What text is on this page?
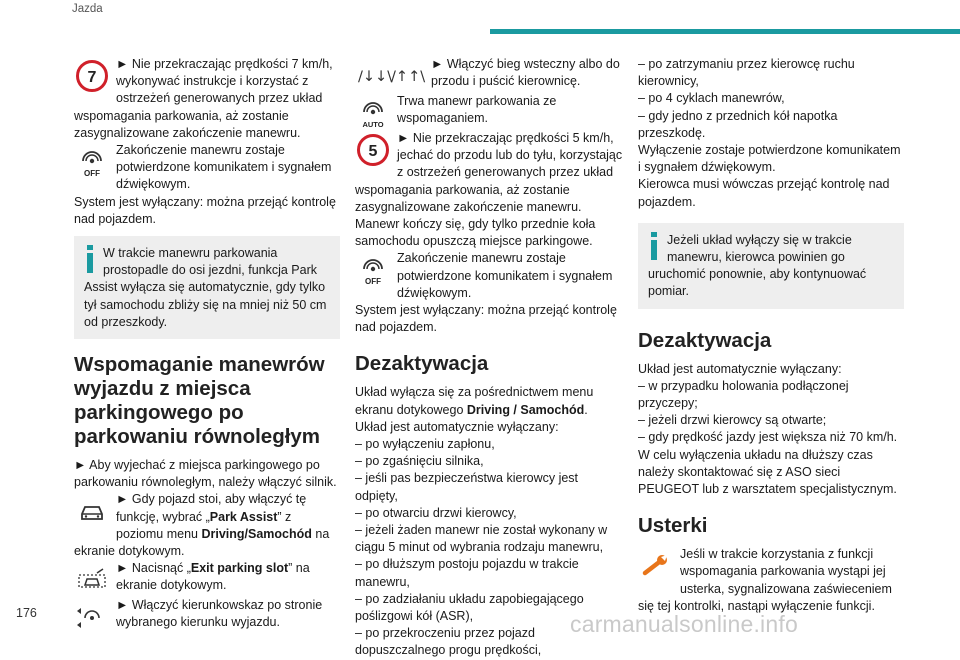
Jazda

7
► Nie przekraczając prędkości 7 km/h, wykonywać instrukcje i korzystać z ostrzeżeń generowanych przez układ wspomagania parkowania, aż zostanie zasygnalizowane zakończenie manewru.

OFF
Zakończenie manewru zostaje potwierdzone komunikatem i sygnałem dźwiękowym.

System jest wyłączany: można przejąć kontrolę nad pojazdem.

W trakcie manewru parkowania prostopadle do osi jezdni, funkcja Park Assist wyłącza się automatycznie, gdy tylko tył samochodu zbliży się na mniej niż 50 cm od przeszkody.
Wspomaganie manewrów wyjazdu z miejsca parkingowego po parkowaniu równoległym

► Aby wyjechać z miejsca parkingowego po parkowaniu równoległym, należy włączyć silnik.

► Gdy pojazd stoi, aby włączyć tę funkcję, wybrać „Park Assist” z poziomu menu Driving/Samochód na ekranie dotykowym.

► Nacisnąć „Exit parking slot” na ekranie dotykowym.

► Włączyć kierunkowskaz po stronie wybranego kierunku wyjazdu.

/↓↓\
/↑↑\
► Włączyć bieg wsteczny albo do przodu i puścić kierownicę.

AUTO
Trwa manewr parkowania ze wspomaganiem.

5
► Nie przekraczając prędkości 5 km/h, jechać do przodu lub do tyłu, korzystając z ostrzeżeń generowanych przez układ wspomagania parkowania, aż zostanie zasygnalizowane zakończenie manewru.

Manewr kończy się, gdy tylko przednie koła samochodu opuszczą miejsce parkingowe.

OFF
Zakończenie manewru zostaje potwierdzone komunikatem i sygnałem dźwiękowym.

System jest wyłączany: można przejąć kontrolę nad pojazdem.

Dezaktywacja

Układ wyłącza się za pośrednictwem menu ekranu dotykowego Driving / Samochód.

Układ jest automatycznie wyłączany:

– po wyłączeniu zapłonu,

– po zgaśnięciu silnika,

– jeśli pas bezpieczeństwa kierowcy jest odpięty,

– po otwarciu drzwi kierowcy,

– jeżeli żaden manewr nie został wykonany w ciągu 5 minut od wybrania rodzaju manewru,

– po dłuższym postoju pojazdu w trakcie manewru,

– po zadziałaniu układu zapobiegającego poślizgowi kół (ASR),

– po przekroczeniu przez pojazd dopuszczalnego progu prędkości,

– po zatrzymaniu przez kierowcę ruchu kierownicy,

– po 4 cyklach manewrów,

– gdy jedno z przednich kół napotka przeszkodę.

Wyłączenie zostaje potwierdzone komunikatem i sygnałem dźwiękowym.

Kierowca musi wówczas przejąć kontrolę nad pojazdem.

Jeżeli układ wyłączy się w trakcie manewru, kierowca powinien go uruchomić ponownie, aby kontynuować pomiar.
Dezaktywacja

Układ jest automatycznie wyłączany:

– w przypadku holowania podłączonej przyczepy;

– jeżeli drzwi kierowcy są otwarte;

– gdy prędkość jazdy jest większa niż 70 km/h.

W celu wyłączenia układu na dłuższy czas należy skontaktować się z ASO sieci PEUGEOT lub z warsztatem specjalistycznym.

Usterki

Jeśli w trakcie korzystania z funkcji wspomagania parkowania wystąpi jej usterka, sygnalizowana zaświeceniem się tej kontrolki, nastąpi wyłączenie funkcji.

176	carmanualsonline.info
